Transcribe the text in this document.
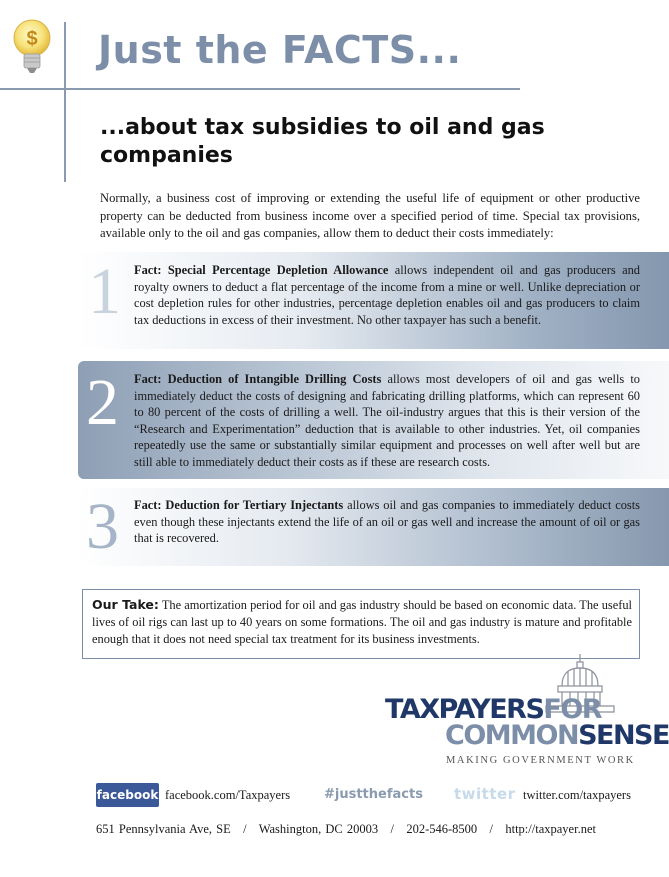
$ Just the FACTS...
...about tax subsidies to oil and gas companies
Normally, a business cost of improving or extending the useful life of equipment or other productive property can be deducted from business income over a specified period of time. Special tax provisions, available only to the oil and gas companies, allow them to deduct their costs immediately:
1 Fact: Special Percentage Depletion Allowance allows independent oil and gas producers and royalty owners to deduct a flat percentage of the income from a mine or well. Unlike depreciation or cost depletion rules for other industries, percentage depletion enables oil and gas producers to claim tax deductions in excess of their investment. No other taxpayer has such a benefit.
2 Fact: Deduction of Intangible Drilling Costs allows most developers of oil and gas wells to immediately deduct the costs of designing and fabricating drilling platforms, which can represent 60 to 80 percent of the costs of drilling a well. The oil-industry argues that this is their version of the “Research and Experimentation” deduction that is available to other industries. Yet, oil companies repeatedly use the same or substantially similar equipment and processes on well after well but are still able to immediately deduct their costs as if these are research costs.
3 Fact: Deduction for Tertiary Injectants allows oil and gas companies to immediately deduct costs even though these injectants extend the life of an oil or gas well and increase the amount of oil or gas that is recovered.
Our Take: The amortization period for oil and gas industry should be based on economic data. The useful lives of oil rigs can last up to 40 years on some formations. The oil and gas industry is mature and profitable enough that it does not need special tax treatment for its business investments.
TAXPAYERSFOR
COMMONSENSE
MAKING GOVERNMENT WORK
facebook facebook.com/Taxpayers	#justthefacts twitter twitter.com/taxpayers
651 Pennsylvania Ave, SE   /   Washington, DC 20003   /   202-546-8500   /   http://taxpayer.net
